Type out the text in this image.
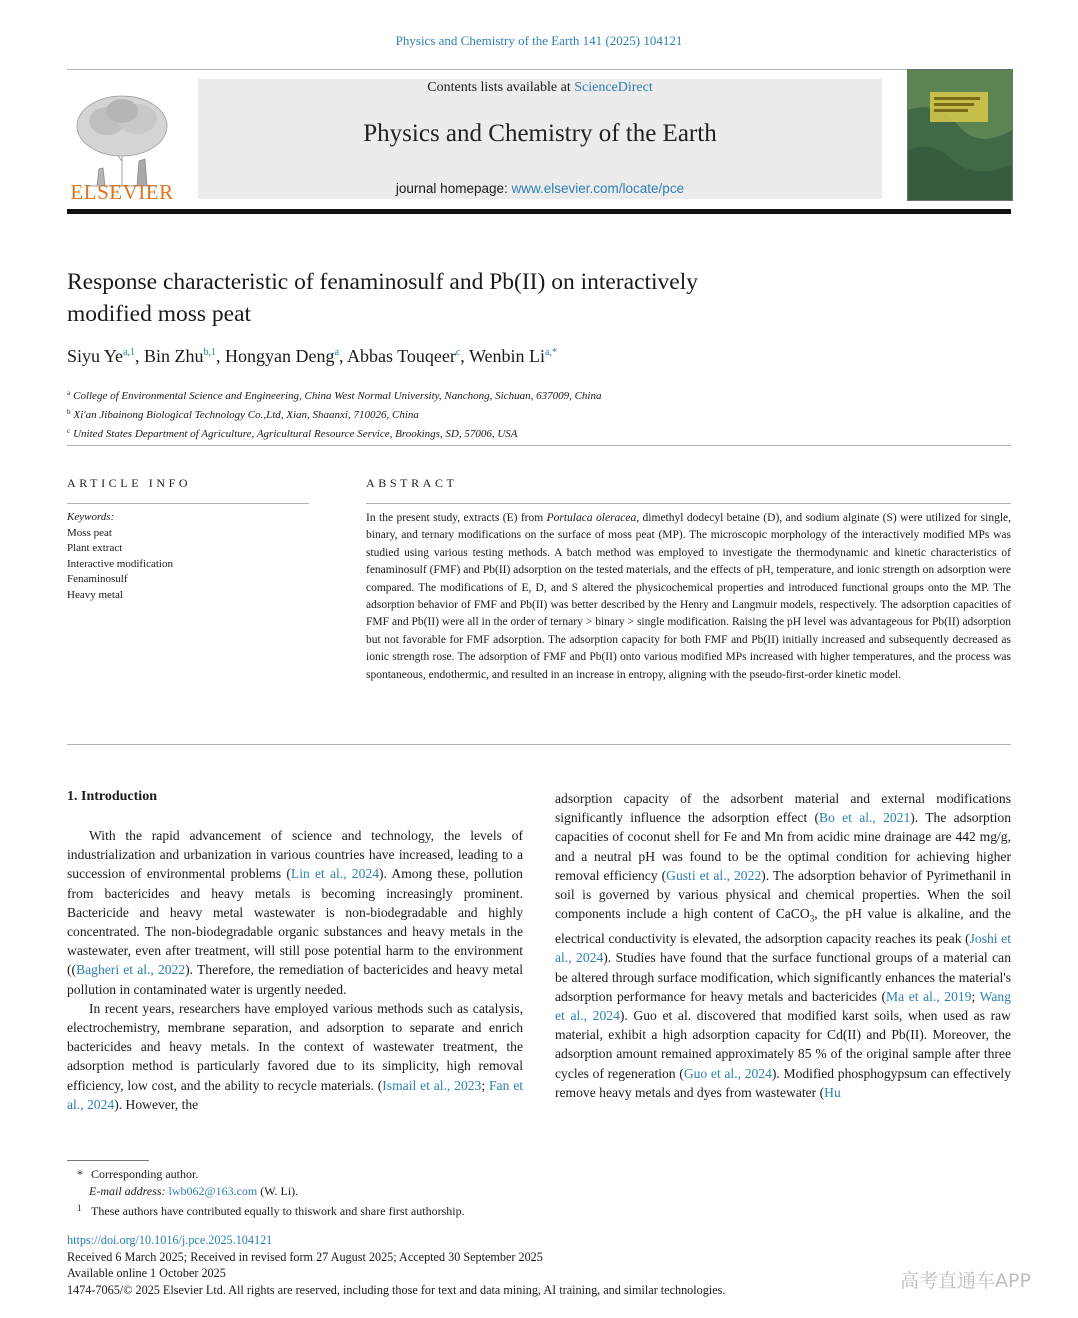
Physics and Chemistry of the Earth 141 (2025) 104121
ELSEVIER
Contents lists available at ScienceDirect
Physics and Chemistry of the Earth
journal homepage: www.elsevier.com/locate/pce
Response characteristic of fenaminosulf and Pb(II) on interactively
modified moss peat
Siyu Ye$^{a,1}$, Bin Zhu$^{b,1}$, Hongyan Deng$^a$, Abbas Touqeer$^c$, Wenbin $Li^{a,*}$
$^a$ College of Environmental Science and Engineering, China West Normal University, Nanchong, Sichuan, 637009, China
$^b$ Xi'an Jibainong Biological Technology Co.,Ltd, Xian, Shaanxi, 710026, China
$^c$ United States Department of Agriculture, Agricultural Resource Service, Brookings, SD, 57006, USA
ARTICLE INFO	ABSTRACT
Keywords:
Moss peat
Plant extract
Interactive modification
Fenaminosulf
Heavy metal
In the present study, extracts (E) from Portulaca oleracea, dimethyl dodecyl betaine (D), and sodium alginate (S) were utilized for single, binary, and ternary modifications on the surface of moss peat (MP). The microscopic morphology of the interactively modified MPs was studied using various testing methods. A batch method was employed to investigate the thermodynamic and kinetic characteristics of fenaminosulf (FMF) and Pb(II) adsorption on the tested materials, and the effects of pH, temperature, and ionic strength on adsorption were compared. The modifications of E, D, and S altered the physicochemical properties and introduced functional groups onto the MP. The adsorption behavior of FMF and Pb(II) was better described by the Henry and Langmuir models, respectively. The adsorption capacities of FMF and Pb(II) were all in the order of ternary > binary > single modification. Raising the pH level was advantageous for Pb(II) adsorption but not favorable for FMF adsorption. The adsorption capacity for both FMF and Pb(II) initially increased and subsequently decreased as ionic strength rose. The adsorption of FMF and Pb(II) onto various modified MPs increased with higher temperatures, and the process was spontaneous, endothermic, and resulted in an increase in entropy, aligning with the pseudo-first-order kinetic model.
1. Introduction

With the rapid advancement of science and technology, the levels of industrialization and urbanization in various countries have increased, leading to a succession of environmental problems (Lin et al., 2024). Among these, pollution from bactericides and heavy metals is becoming increasingly prominent. Bactericide and heavy metal wastewater is non-biodegradable and highly concentrated. The non-biodegradable organic substances and heavy metals in the wastewater, even after treatment, will still pose potential harm to the environment ((Bagheri et al., 2022). Therefore, the remediation of bactericides and heavy metal pollution in contaminated water is urgently needed.

In recent years, researchers have employed various methods such as catalysis, electrochemistry, membrane separation, and adsorption to separate and enrich bactericides and heavy metals. In the context of wastewater treatment, the adsorption method is particularly favored due to its simplicity, high removal efficiency, low cost, and the ability to recycle materials. (Ismail et al., 2023; Fan et al., 2024). However, the

adsorption capacity of the adsorbent material and external modifications significantly influence the adsorption effect (Bo et al., 2021). The adsorption capacities of coconut shell for Fe and Mn from acidic mine drainage are 442 mg/g, and a neutral pH was found to be the optimal condition for achieving higher removal efficiency (Gusti et al., 2022). The adsorption behavior of Pyrimethanil in soil is governed by various physical and chemical properties. When the soil components include a high content of CaCO$_3$, the pH value is alkaline, and the electrical conductivity is elevated, the adsorption capacity reaches its peak (Joshi et al., 2024). Studies have found that the surface functional groups of a material can be altered through surface modification, which significantly enhances the material's adsorption performance for heavy metals and bactericides (Ma et al., 2019; Wang et al., 2024). Guo et al. discovered that modified karst soils, when used as raw material, exhibit a high adsorption capacity for Cd(II) and Pb(II). Moreover, the adsorption amount remained approximately 85 % of the original sample after three cycles of regeneration (Guo et al., 2024). Modified phosphogypsum can effectively remove heavy metals and dyes from wastewater (Hu

* Corresponding author.
E-mail address: lwb062@163.com (W. Li).
1 These authors have contributed equally to thiswork and share first authorship.
https://doi.org/10.1016/j.pce.2025.104121
Received 6 March 2025; Received in revised form 27 August 2025; Accepted 30 September 2025
Available online 1 October 2025
1474-7065/© 2025 Elsevier Ltd. All rights are reserved, including those for text and data mining, AI training, and similar technologies.	高考直通车APP
